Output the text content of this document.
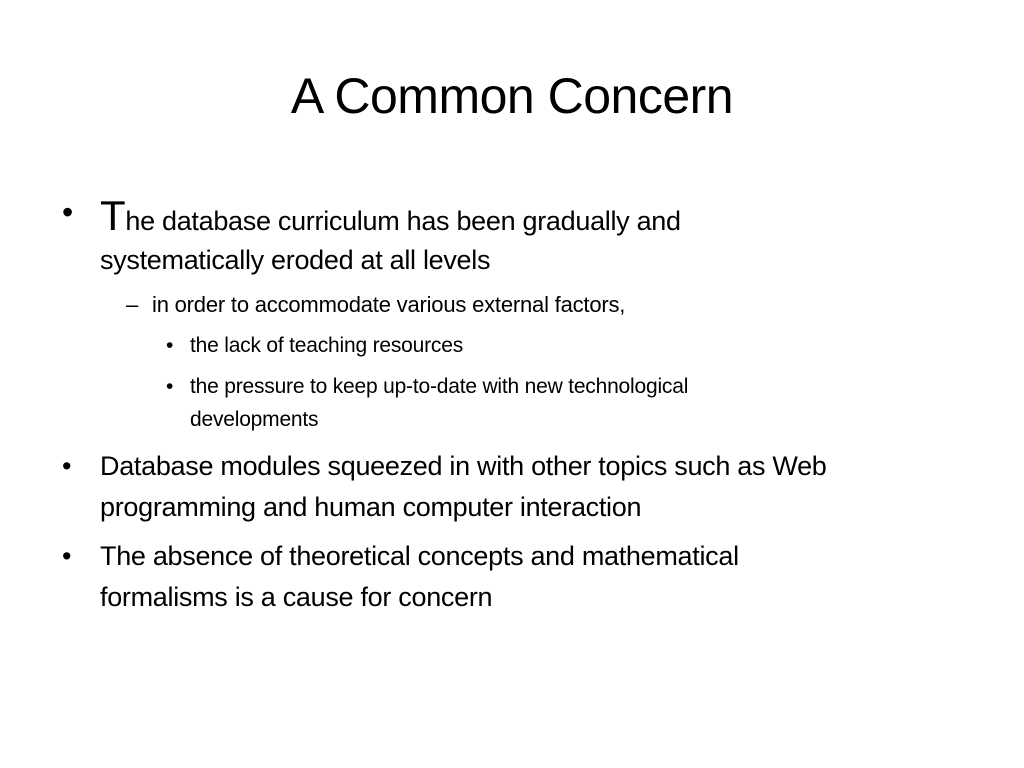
A Common Concern
• The database curriculum has been gradually and
systematically eroded at all levels
– in order to accommodate various external factors,
• the lack of teaching resources
• the pressure to keep up-to-date with new technological
developments
• Database modules squeezed in with other topics such as Web
programming and human computer interaction
• The absence of theoretical concepts and mathematical
formalisms is a cause for concern
